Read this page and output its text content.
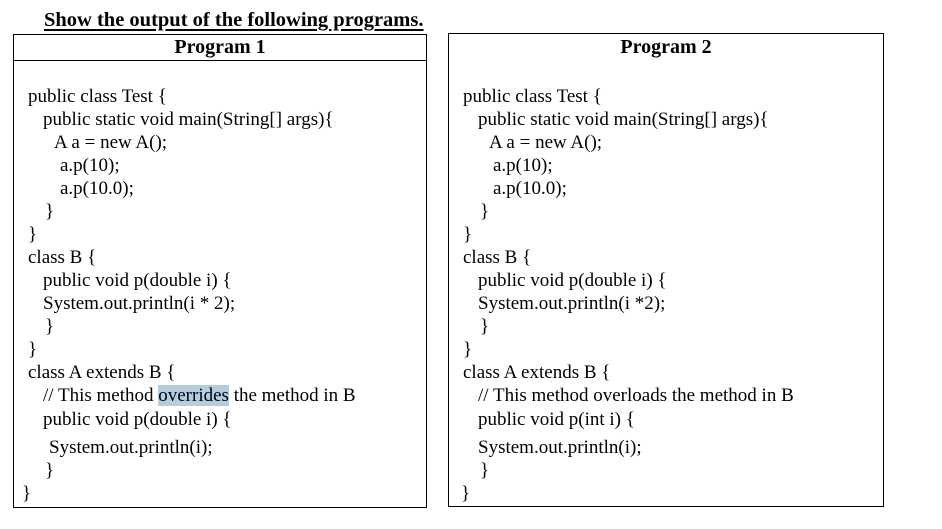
Show the output of the following programs.
Program 1
public class Test {
public static void main(String[] args){
A a = new A();
a.p(10);
a.p(10.0);
}
}
class B {
public void p(double i) {
System.out.println(i * 2);
}
}
class A extends B {
// This method overrides the method in B
public void p(double i) {
System.out.println(i);
}
}
Program 2
public class Test {
public static void main(String[] args){
A a = new A();
a.p(10);
a.p(10.0);
}
}
class B {
public void p(double i) {
System.out.println(i *2);
}
}
class A extends B {
// This method overloads the method in B
public void p(int i) {
System.out.println(i);
}
}
